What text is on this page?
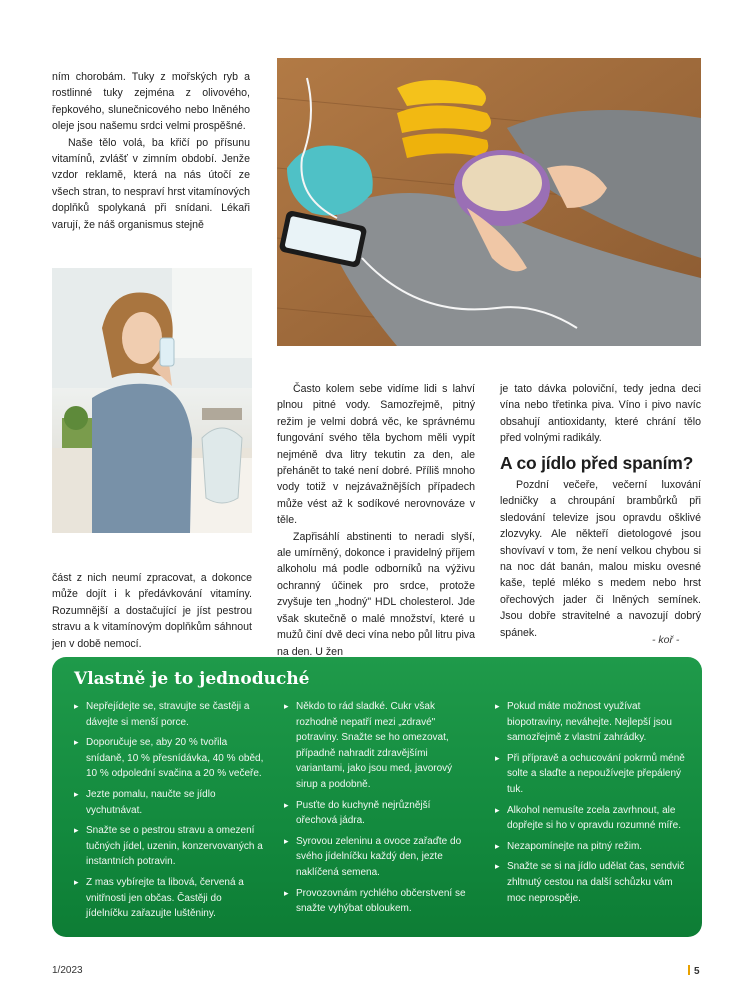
ním chorobám. Tuky z mořských ryb a rostlinné tuky zejména z olivového, řepkového, slunečnicového nebo lněného oleje jsou našemu srdci velmi prospěšné.

Naše tělo volá, ba křičí po přísunu vitamínů, zvlášť v zimním období. Jenže vzdor reklamě, která na nás útočí ze všech stran, to nespraví hrst vitamínových doplňků spolykaná při snídani. Lékaři varují, že náš organismus stejně

část z nich neumí zpracovat, a dokonce může dojít i k předávkování vitamíny. Rozumnější a dostačující je jíst pestrou stravu a k vitamínovým doplňkům sáhnout jen v době nemocí.

Často kolem sebe vidíme lidi s lahví plnou pitné vody. Samozřejmě, pitný režim je velmi dobrá věc, ke správnému fungování svého těla bychom měli vypít nejméně dva litry tekutin za den, ale přehánět to také není dobré. Příliš mnoho vody totiž v nejzávažnějších případech může vést až k sodíkové nerovnováze v těle.

Zapřisáhlí abstinenti to neradi slyší, ale umírněný, dokonce i pravidelný příjem alkoholu má podle odborníků na výživu ochranný účinek pro srdce, protože zvyšuje ten „hodný" HDL cholesterol. Jde však skutečně o malé množství, které u mužů činí dvě deci vína nebo půl litru piva na den. U žen

je tato dávka poloviční, tedy jedna deci vína nebo třetinka piva. Víno i pivo navíc obsahují antioxidanty, které chrání tělo před volnými radikály.

A co jídlo před spaním?

Pozdní večeře, večerní luxování ledničky a chroupání brambůrků při sledování televize jsou opravdu ošklivé zlozvyky. Ale někteří dietologové jsou shovívaví v tom, že není velkou chybou si na noc dát banán, malou misku ovesné kaše, teplé mléko s medem nebo hrst ořechových jader či lněných semínek. Jsou dobře stravitelné a navozují dobrý spánek.

- koř -
Vlastně je to jednoduché
▸ Nepřejídejte se, stravujte se častěji a dávejte si menší porce.
▸ Doporučuje se, aby 20 % tvořila snídaně, 10 % přesnídávka, 40 % oběd, 10 % odpolední svačina a 20 % večeře.
▸ Jezte pomalu, naučte se jídlo vychutnávat.
▸ Snažte se o pestrou stravu a omezení tučných jídel, uzenin, konzervovaných a instantních potravin.
▸ Z mas vybírejte ta libová, červená a vnitřnosti jen občas. Častěji do jídelníčku zařazujte luštěniny.
▸ Někdo to rád sladké. Cukr však rozhodně nepatří mezi „zdravé" potraviny. Snažte se ho omezovat, případně nahradit zdravějšími variantami, jako jsou med, javorový sirup a podobně.
▸ Pusťte do kuchyně nejrůznější ořechová jádra.
▸ Syrovou zeleninu a ovoce zařaďte do svého jídelníčku každý den, jezte naklíčená semena.
▸ Provozovnám rychlého občerstvení se snažte vyhýbat obloukem.
▸ Pokud máte možnost využívat biopotraviny, neváhejte. Nejlepší jsou samozřejmě z vlastní zahrádky.
▸ Při přípravě a ochucování pokrmů méně solte a slaďte a nepoužívejte přepálený tuk.
▸ Alkohol nemusíte zcela zavrhnout, ale dopřejte si ho v opravdu rozumné míře.
▸ Nezapomínejte na pitný režim.
▸ Snažte se si na jídlo udělat čas, sendvič zhltnutý cestou na další schůzku vám moc neprospěje.
1/2023	5
